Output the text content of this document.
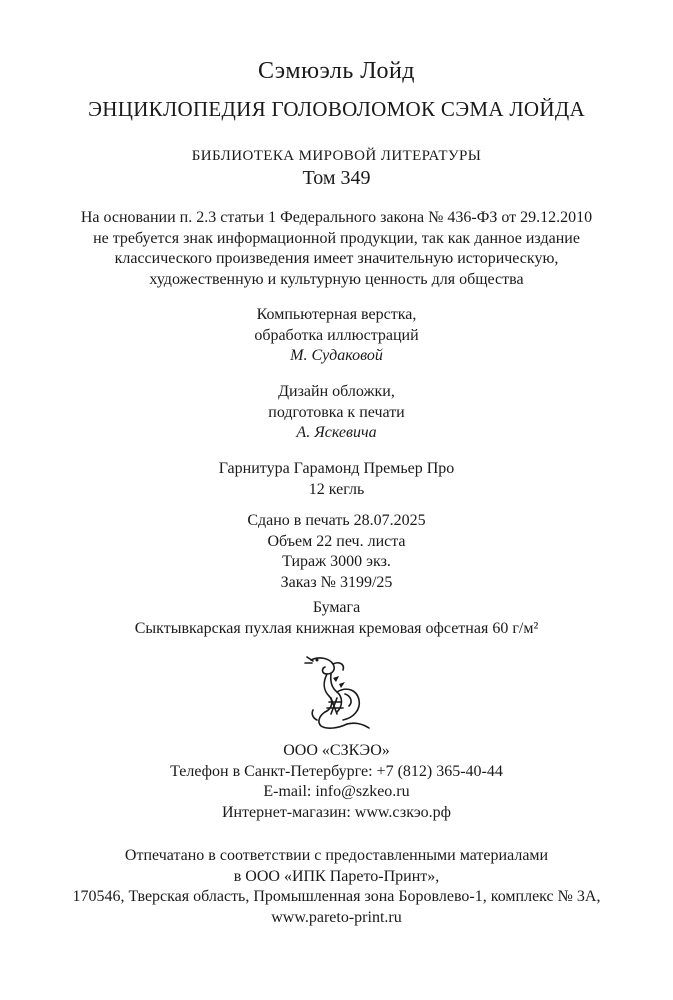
Сэмюэль Лойд
ЭНЦИКЛОПЕДИЯ ГОЛОВОЛОМОК СЭМА ЛОЙДА
БИБЛИОТЕКА МИРОВОЙ ЛИТЕРАТУРЫ
Том 349
На основании п. 2.3 статьи 1 Федерального закона № 436-ФЗ от 29.12.2010
не требуется знак информационной продукции, так как данное издание
классического произведения имеет значительную историческую,
художественную и культурную ценность для общества
Компьютерная верстка,
обработка иллюстраций
М. Судаковой
Дизайн обложки,
подготовка к печати
А. Яскевича
Гарнитура Гарамонд Премьер Про
12 кегль
Сдано в печать 28.07.2025
Объем 22 печ. листа
Тираж 3000 экз.
Заказ № 3199/25
Бумага
Сыктывкарская пухлая книжная кремовая офсетная 60 г/м²
ООО «СЗКЭО»
Телефон в Санкт-Петербурге: +7 (812) 365-40-44
E-mail: info@szkeo.ru
Интернет-магазин: www.сзкэо.рф
Отпечатано в соответствии с предоставленными материалами
в ООО «ИПК Парето-Принт»,
170546, Тверская область, Промышленная зона Боровлево-1, комплекс № 3А,
www.pareto-print.ru
